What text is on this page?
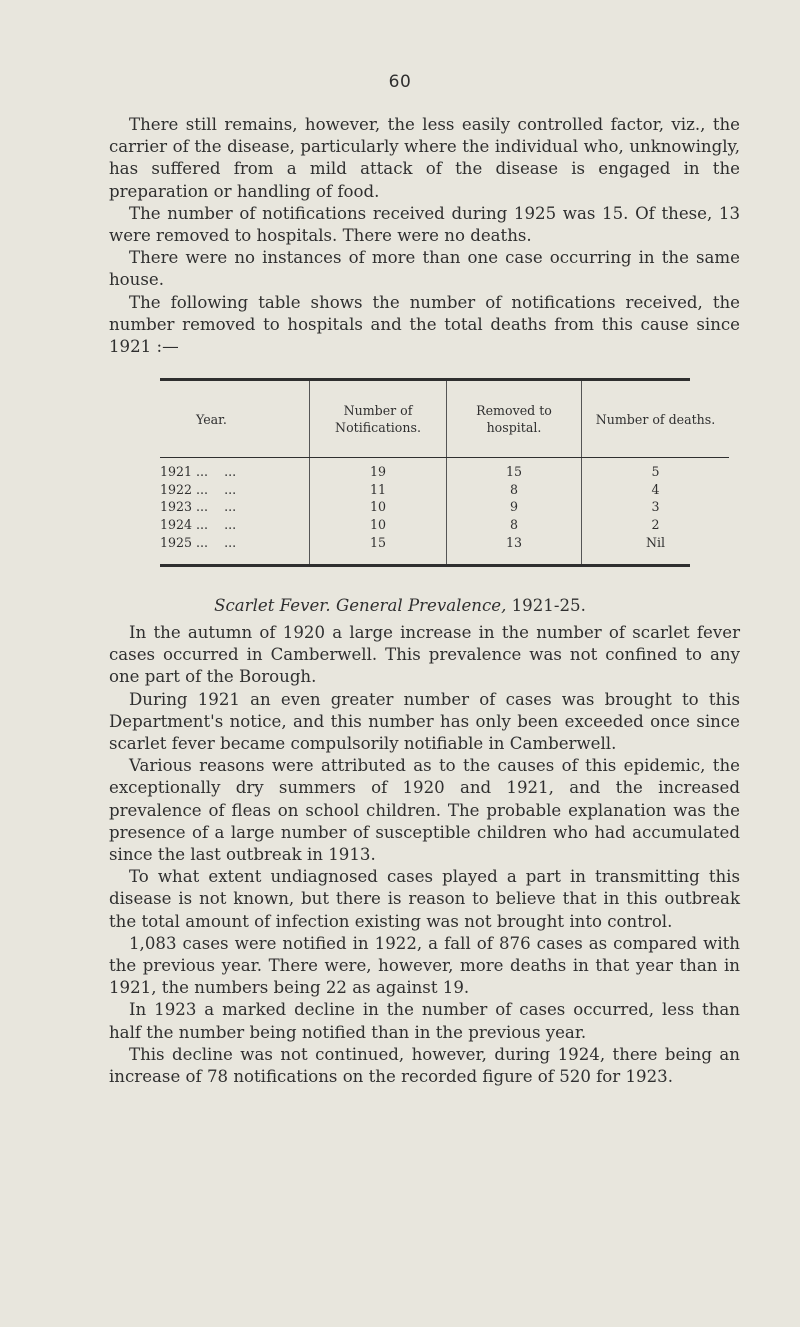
60

There still remains, however, the less easily controlled factor, viz., the carrier of the disease, particularly where the individual who, unknowingly, has suffered from a mild attack of the disease is engaged in the preparation or handling of food.

The number of notifications received during 1925 was 15. Of these, 13 were removed to hospitals. There were no deaths.

There were no instances of more than one case occurring in the same house.

The following table shows the number of notifications received, the number removed to hospitals and the total deaths from this cause since 1921 :—

Year.	Number of Notifications.	Removed to hospital.	Number of deaths.
1921 ...    ...	19	15	5
1922 ...    ...	11	8	4
1923 ...    ...	10	9	3
1924 ...    ...	10	8	2
1925 ...    ...	15	13	Nil

Scarlet Fever. General Prevalence, 1921-25.

In the autumn of 1920 a large increase in the number of scarlet fever cases occurred in Camberwell. This prevalence was not confined to any one part of the Borough.

During 1921 an even greater number of cases was brought to this Department's notice, and this number has only been exceeded once since scarlet fever became compulsorily notifiable in Camberwell.

Various reasons were attributed as to the causes of this epidemic, the exceptionally dry summers of 1920 and 1921, and the increased prevalence of fleas on school children. The probable explanation was the presence of a large number of susceptible children who had accumulated since the last outbreak in 1913.

To what extent undiagnosed cases played a part in transmitting this disease is not known, but there is reason to believe that in this outbreak the total amount of infection existing was not brought into control.

1,083 cases were notified in 1922, a fall of 876 cases as compared with the previous year. There were, however, more deaths in that year than in 1921, the numbers being 22 as against 19.

In 1923 a marked decline in the number of cases occurred, less than half the number being notified than in the previous year.

This decline was not continued, however, during 1924, there being an increase of 78 notifications on the recorded figure of 520 for 1923.
